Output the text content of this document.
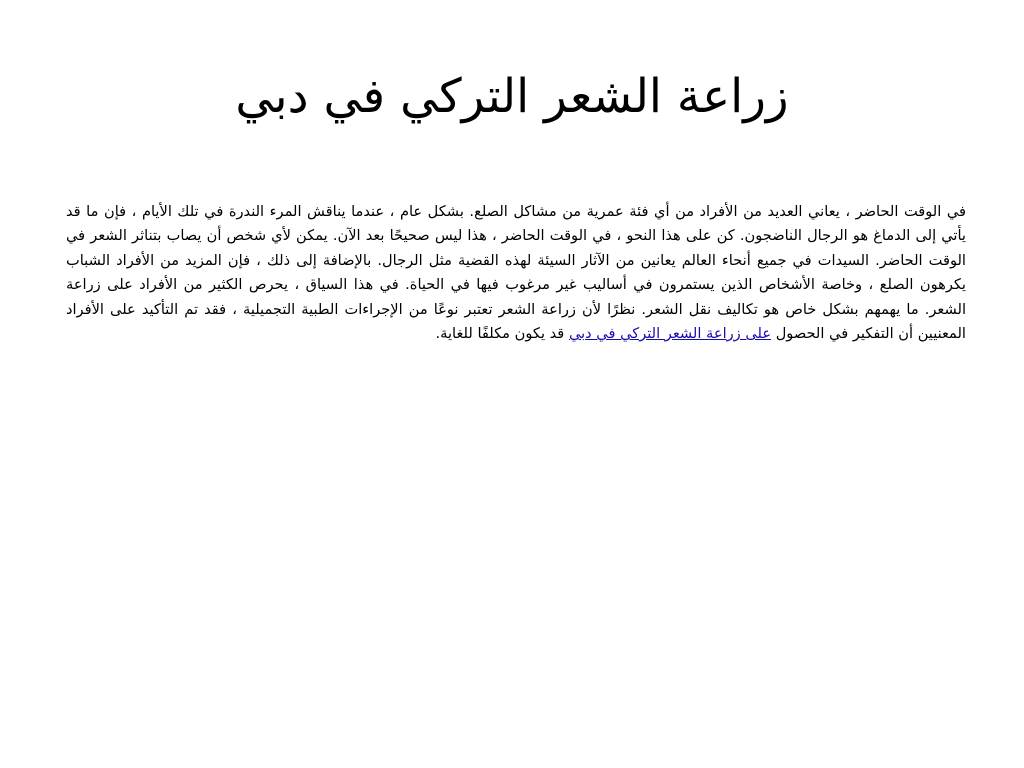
زراعة الشعر التركي في دبي

في الوقت الحاضر ، يعاني العديد من الأفراد من أي فئة عمرية من مشاكل الصلع. بشكل عام ، عندما يناقش المرء الندرة في تلك الأيام ، فإن ما قد يأتي إلى الدماغ هو الرجال الناضجون. كن على هذا النحو ، في الوقت الحاضر ، هذا ليس صحيحًا بعد الآن. يمكن لأي شخص أن يصاب بتناثر الشعر في الوقت الحاضر. السيدات في جميع أنحاء العالم يعانين من الآثار السيئة لهذه القضية مثل الرجال. بالإضافة إلى ذلك ، فإن المزيد من الأفراد الشباب يكرهون الصلع ، وخاصة الأشخاص الذين يستمرون في أساليب غير مرغوب فيها في الحياة. في هذا السياق ، يحرص الكثير من الأفراد على زراعة الشعر. ما يهمهم بشكل خاص هو تكاليف نقل الشعر. نظرًا لأن زراعة الشعر تعتبر نوعًا من الإجراءات الطبية التجميلية ، فقد تم التأكيد على الأفراد المعنيين أن التفكير في الحصول على زراعة الشعر التركي في دبي قد يكون مكلفًا للغاية.
